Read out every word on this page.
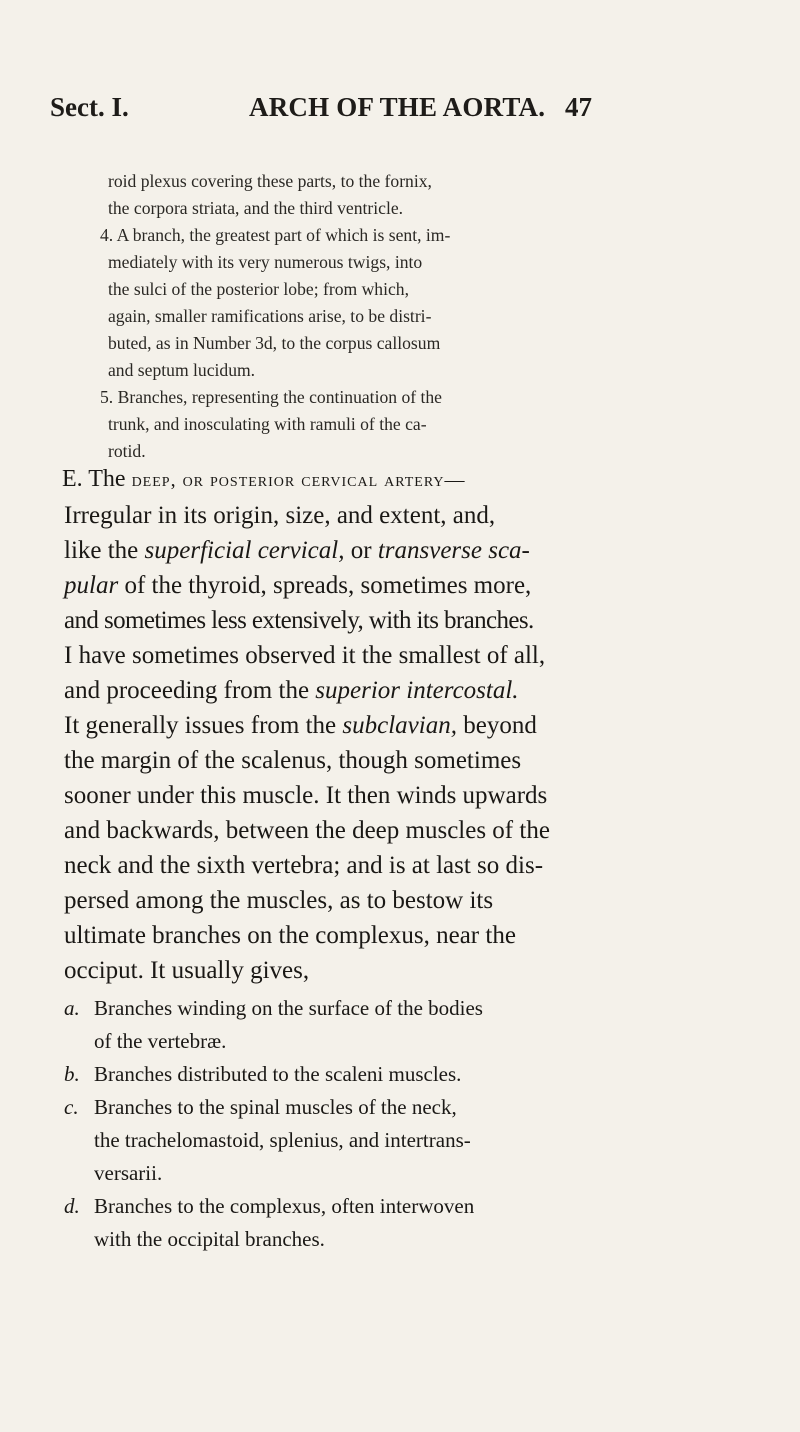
Sect. I.	ARCH OF THE AORTA. 47

roid plexus covering these parts, to the fornix,

the corpora striata, and the third ventricle.

4. A branch, the greatest part of which is sent, im-

mediately with its very numerous twigs, into

the sulci of the posterior lobe; from which,

again, smaller ramifications arise, to be distri-

buted, as in Number 3d, to the corpus callosum

and septum lucidum.

5. Branches, representing the continuation of the

trunk, and inosculating with ramuli of the ca-

rotid.

E. The deep, or posterior cervical artery—

Irregular in its origin, size, and extent, and,

like the superficial cervical, or transverse sca-

pular of the thyroid, spreads, sometimes more,

and sometimes less extensively, with its branches.

I have sometimes observed it the smallest of all,

and proceeding from the superior intercostal.

It generally issues from the subclavian, beyond

the margin of the scalenus, though sometimes

sooner under this muscle. It then winds upwards

and backwards, between the deep muscles of the

neck and the sixth vertebra; and is at last so dis-

persed among the muscles, as to bestow its

ultimate branches on the complexus, near the

occiput. It usually gives,

a. Branches winding on the surface of the bodies
of the vertebræ.
b. Branches distributed to the scaleni muscles.
c. Branches to the spinal muscles of the neck,
the trachelomastoid, splenius, and intertrans-
versarii.
d. Branches to the complexus, often interwoven
with the occipital branches.
